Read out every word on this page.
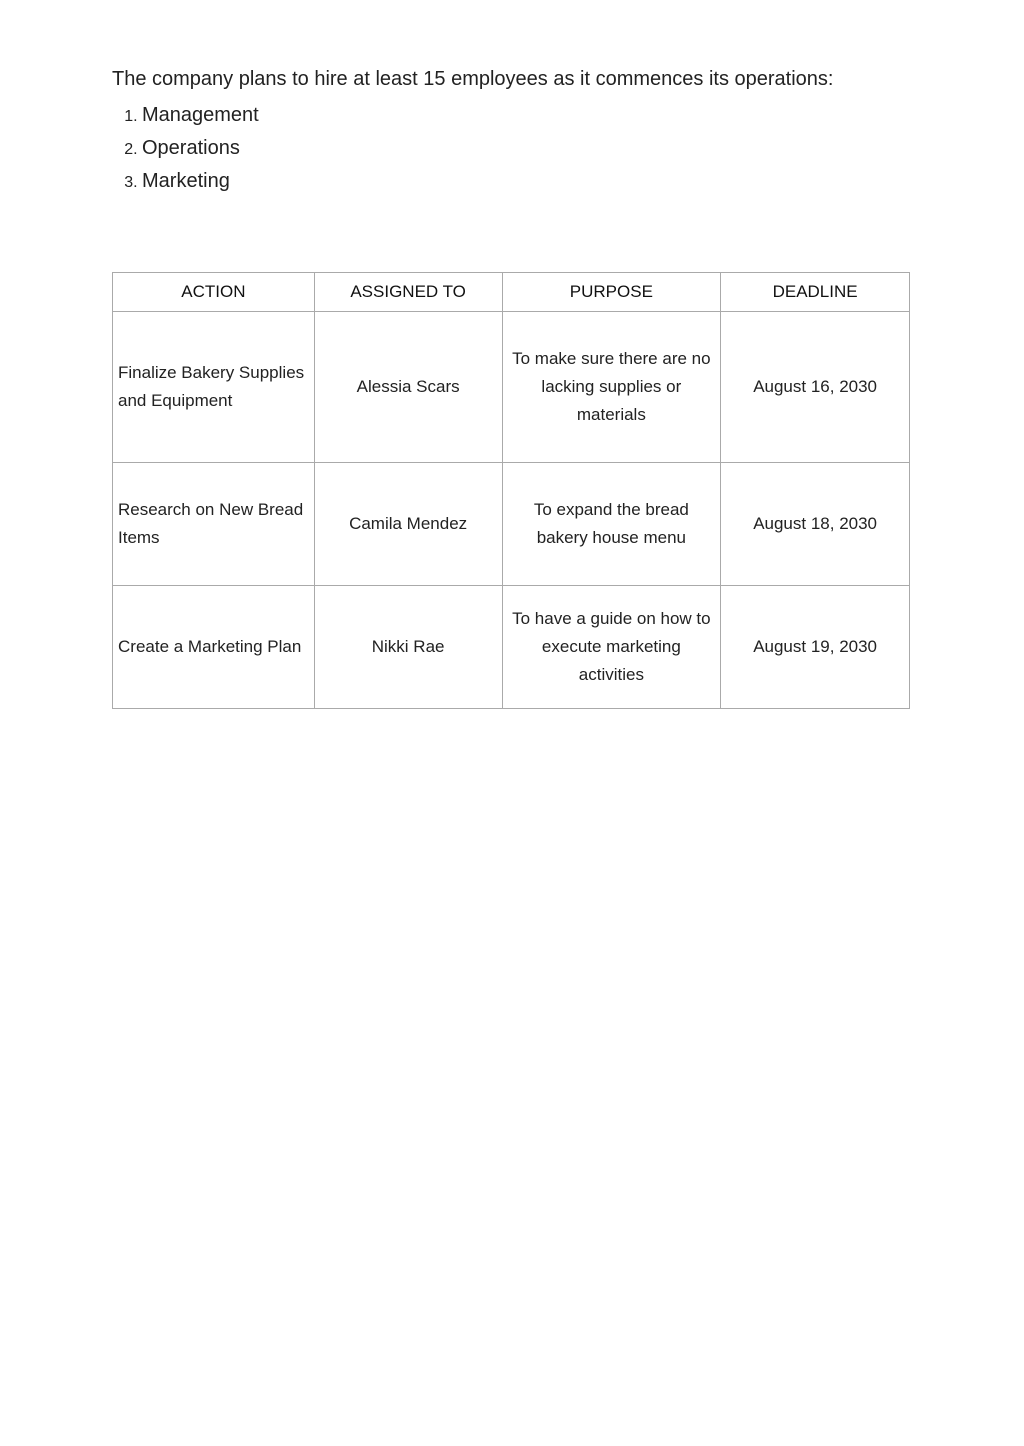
The company plans to hire at least 15 employees as it commences its operations:
1. Management
2. Operations
3. Marketing
ACTION	ASSIGNED TO	PURPOSE	DEADLINE
Finalize Bakery Supplies and Equipment	Alessia Scars	To make sure there are no lacking supplies or materials	August 16, 2030
Research on New Bread Items	Camila Mendez	To expand the bread bakery house menu	August 18, 2030
Create a Marketing Plan	Nikki Rae	To have a guide on how to execute marketing activities	August 19, 2030
